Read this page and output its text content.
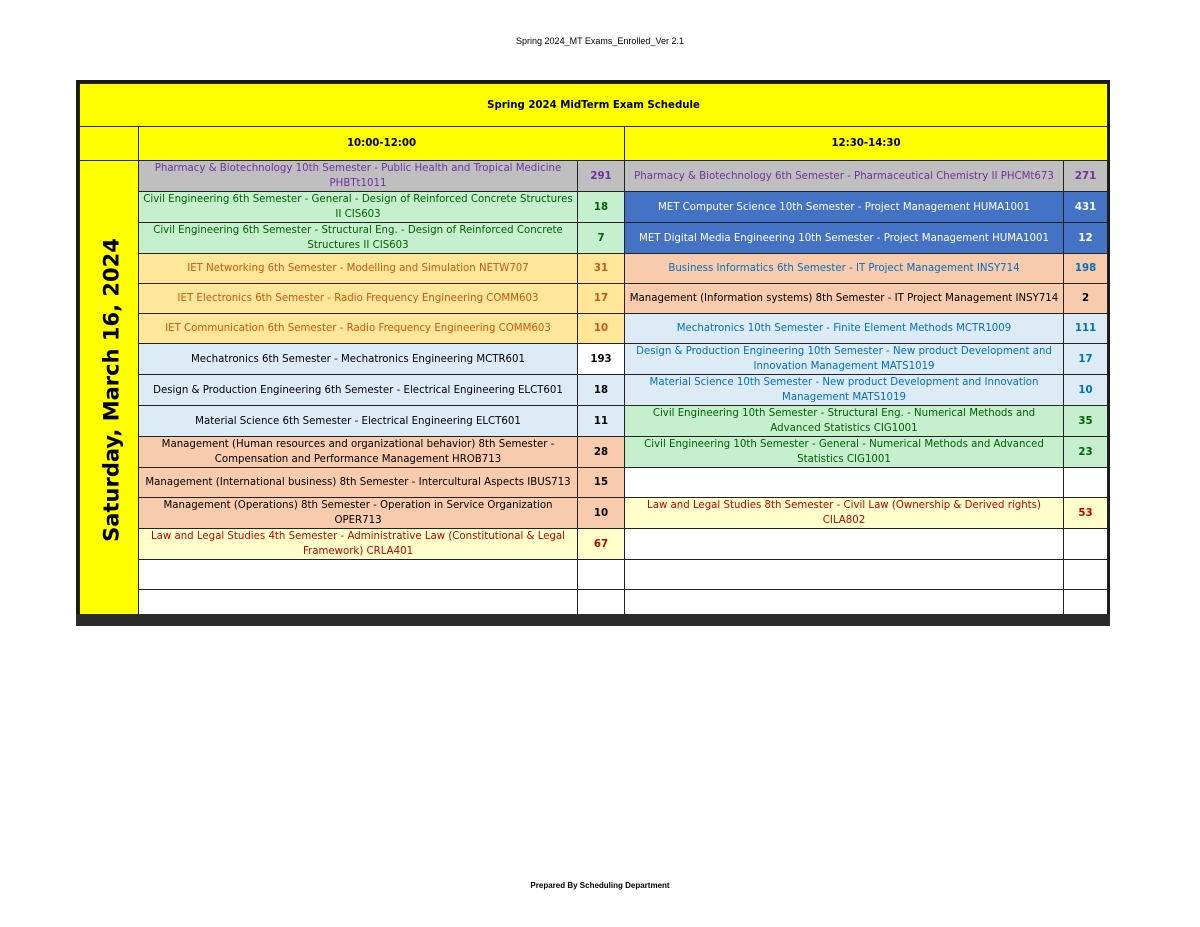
Spring 2024_MT Exams_Enrolled_Ver 2.1
Spring 2024 MidTerm Exam Schedule				
	10:00-12:00		12:30-14:30	

Saturday, March 16, 2024	Pharmacy & Biotechnology 10th Semester - Public Health and Tropical Medicine PHBTt1011	291	Pharmacy & Biotechnology 6th Semester - Pharmaceutical Chemistry II PHCMt673	271
	Civil Engineering 6th Semester - General - Design of Reinforced Concrete Structures II CIS603	18	MET Computer Science 10th Semester - Project Management HUMA1001	431
	Civil Engineering 6th Semester - Structural Eng. - Design of Reinforced Concrete Structures II CIS603	7	MET Digital Media Engineering 10th Semester - Project Management HUMA1001	12
	IET Networking 6th Semester - Modelling and Simulation NETW707	31	Business Informatics 6th Semester - IT Project Management INSY714	198
	IET Electronics 6th Semester - Radio Frequency Engineering COMM603	17	Management (Information systems) 8th Semester - IT Project Management INSY714	2
	IET Communication 6th Semester - Radio Frequency Engineering COMM603	10	Mechatronics 10th Semester - Finite Element Methods MCTR1009	111
	Mechatronics 6th Semester - Mechatronics Engineering MCTR601	193	Design & Production Engineering 10th Semester - New product Development and Innovation Management MATS1019	17
	Design & Production Engineering 6th Semester - Electrical Engineering ELCT601	18	Material Science 10th Semester - New product Development and Innovation Management MATS1019	10
	Material Science 6th Semester - Electrical Engineering ELCT601	11	Civil Engineering 10th Semester - Structural Eng. - Numerical Methods and Advanced Statistics CIG1001	35
	Management (Human resources and organizational behavior) 8th Semester - Compensation and Performance Management HROB713	28	Civil Engineering 10th Semester - General - Numerical Methods and Advanced Statistics CIG1001	23
	Management (International business) 8th Semester - Intercultural Aspects IBUS713	15		
	Management (Operations) 8th Semester - Operation in Service Organization OPER713	10	Law and Legal Studies 8th Semester - Civil Law (Ownership & Derived rights) CILA802	53
	Law and Legal Studies 4th Semester - Administrative Law (Constitutional & Legal Framework) CRLA401	67		

Prepared By Scheduling Department
